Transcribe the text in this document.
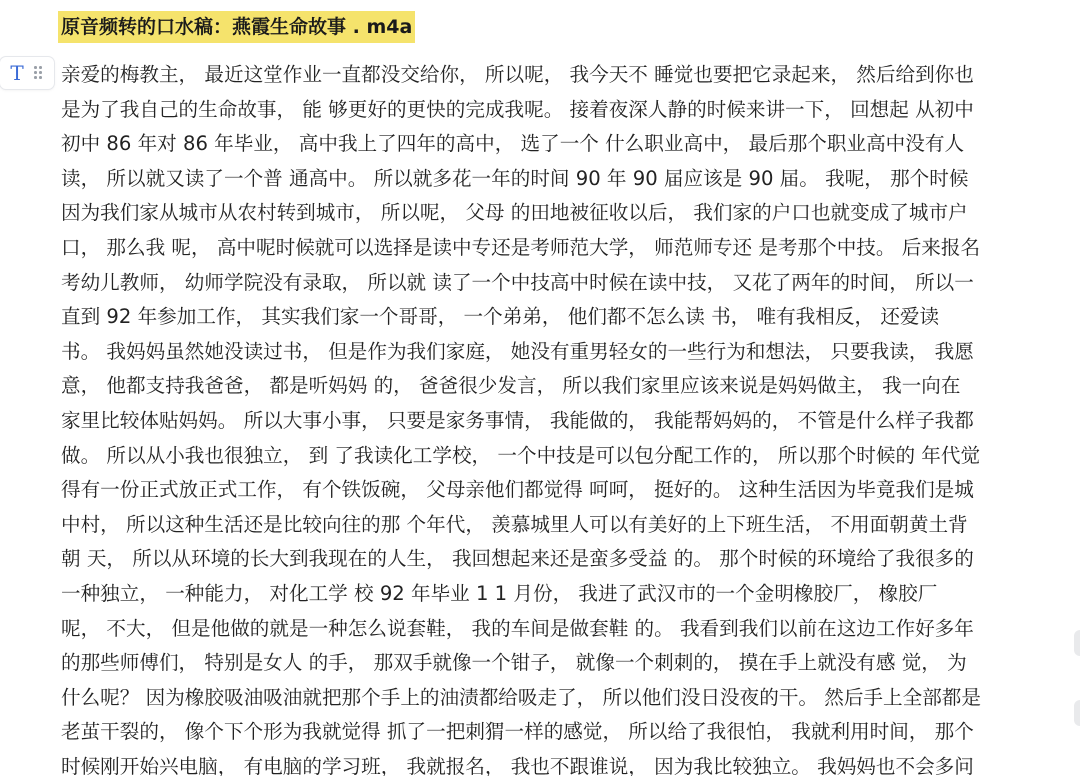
原音频转的口水稿：燕霞生命故事 . m4a
T 亲爱的梅教主， 最近这堂作业一直都没交给你， 所以呢， 我今天不 睡觉也要把它录起来， 然后给到你也
是为了我自己的生命故事， 能 够更好的更快的完成我呢。 接着夜深人静的时候来讲一下， 回想起 从初中
初中 86 年对 86 年毕业， 高中我上了四年的高中， 选了一个 什么职业高中， 最后那个职业高中没有人
读， 所以就又读了一个普 通高中。 所以就多花一年的时间 90 年 90 届应该是 90 届。 我呢， 那个时候
因为我们家从城市从农村转到城市， 所以呢， 父母 的田地被征收以后， 我们家的户口也就变成了城市户
口， 那么我 呢， 高中呢时候就可以选择是读中专还是考师范大学， 师范师专还 是考那个中技。 后来报名
考幼儿教师， 幼师学院没有录取， 所以就 读了一个中技高中时候在读中技， 又花了两年的时间， 所以一
直到 92 年参加工作， 其实我们家一个哥哥， 一个弟弟， 他们都不怎么读 书， 唯有我相反， 还爱读
书。 我妈妈虽然她没读过书， 但是作为我们家庭， 她没有重男轻女的一些行为和想法， 只要我读， 我愿
意， 他都支持我爸爸， 都是听妈妈 的， 爸爸很少发言， 所以我们家里应该来说是妈妈做主， 我一向在
家里比较体贴妈妈。 所以大事小事， 只要是家务事情， 我能做的， 我能帮妈妈的， 不管是什么样子我都
做。 所以从小我也很独立， 到 了我读化工学校， 一个中技是可以包分配工作的， 所以那个时候的 年代觉
得有一份正式放正式工作， 有个铁饭碗， 父母亲他们都觉得 呵呵， 挺好的。 这种生活因为毕竟我们是城
中村， 所以这种生活还是比较向往的那 个年代， 羡慕城里人可以有美好的上下班生活， 不用面朝黄土背
朝 天， 所以从环境的长大到我现在的人生， 我回想起来还是蛮多受益 的。 那个时候的环境给了我很多的
一种独立， 一种能力， 对化工学 校 92 年毕业 1 1 月份， 我进了武汉市的一个金明橡胶厂， 橡胶厂
呢， 不大， 但是他做的就是一种怎么说套鞋， 我的车间是做套鞋 的。 我看到我们以前在这边工作好多年
的那些师傅们， 特别是女人 的手， 那双手就像一个钳子， 就像一个刺刺的， 摸在手上就没有感 觉， 为
什么呢？ 因为橡胶吸油吸油就把那个手上的油渍都给吸走了， 所以他们没日没夜的干。 然后手上全部都是
老茧干裂的， 像个下个形为我就觉得 抓了一把刺猬一样的感觉， 所以给了我很怕， 我就利用时间， 那个
时候刚开始兴电脑， 有电脑的学习班， 我就报名， 我也不跟谁说， 因为我比较独立。 我妈妈也不会多问
